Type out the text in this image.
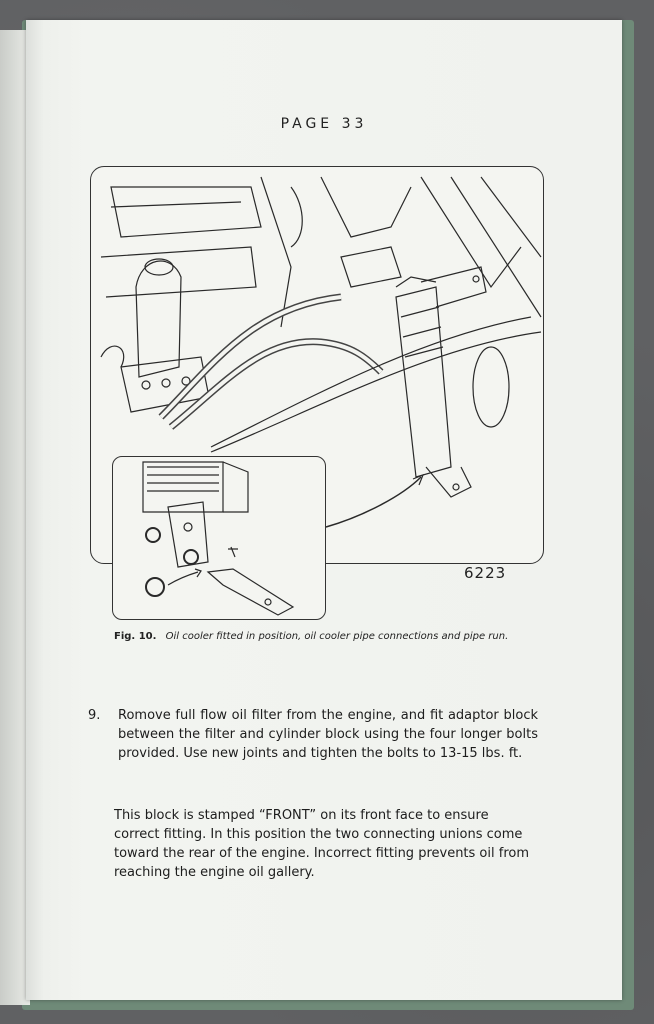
PAGE 33
6223
Fig. 10. Oil cooler fitted in position, oil cooler pipe connections and pipe run.
9. Romove full flow oil filter from the engine, and fit adaptor block between the filter and cylinder block using the four longer bolts provided. Use new joints and tighten the bolts to 13-15 lbs. ft.
This block is stamped “FRONT” on its front face to ensure correct fitting. In this position the two connecting unions come toward the rear of the engine. Incorrect fitting prevents oil from reaching the engine oil gallery.
